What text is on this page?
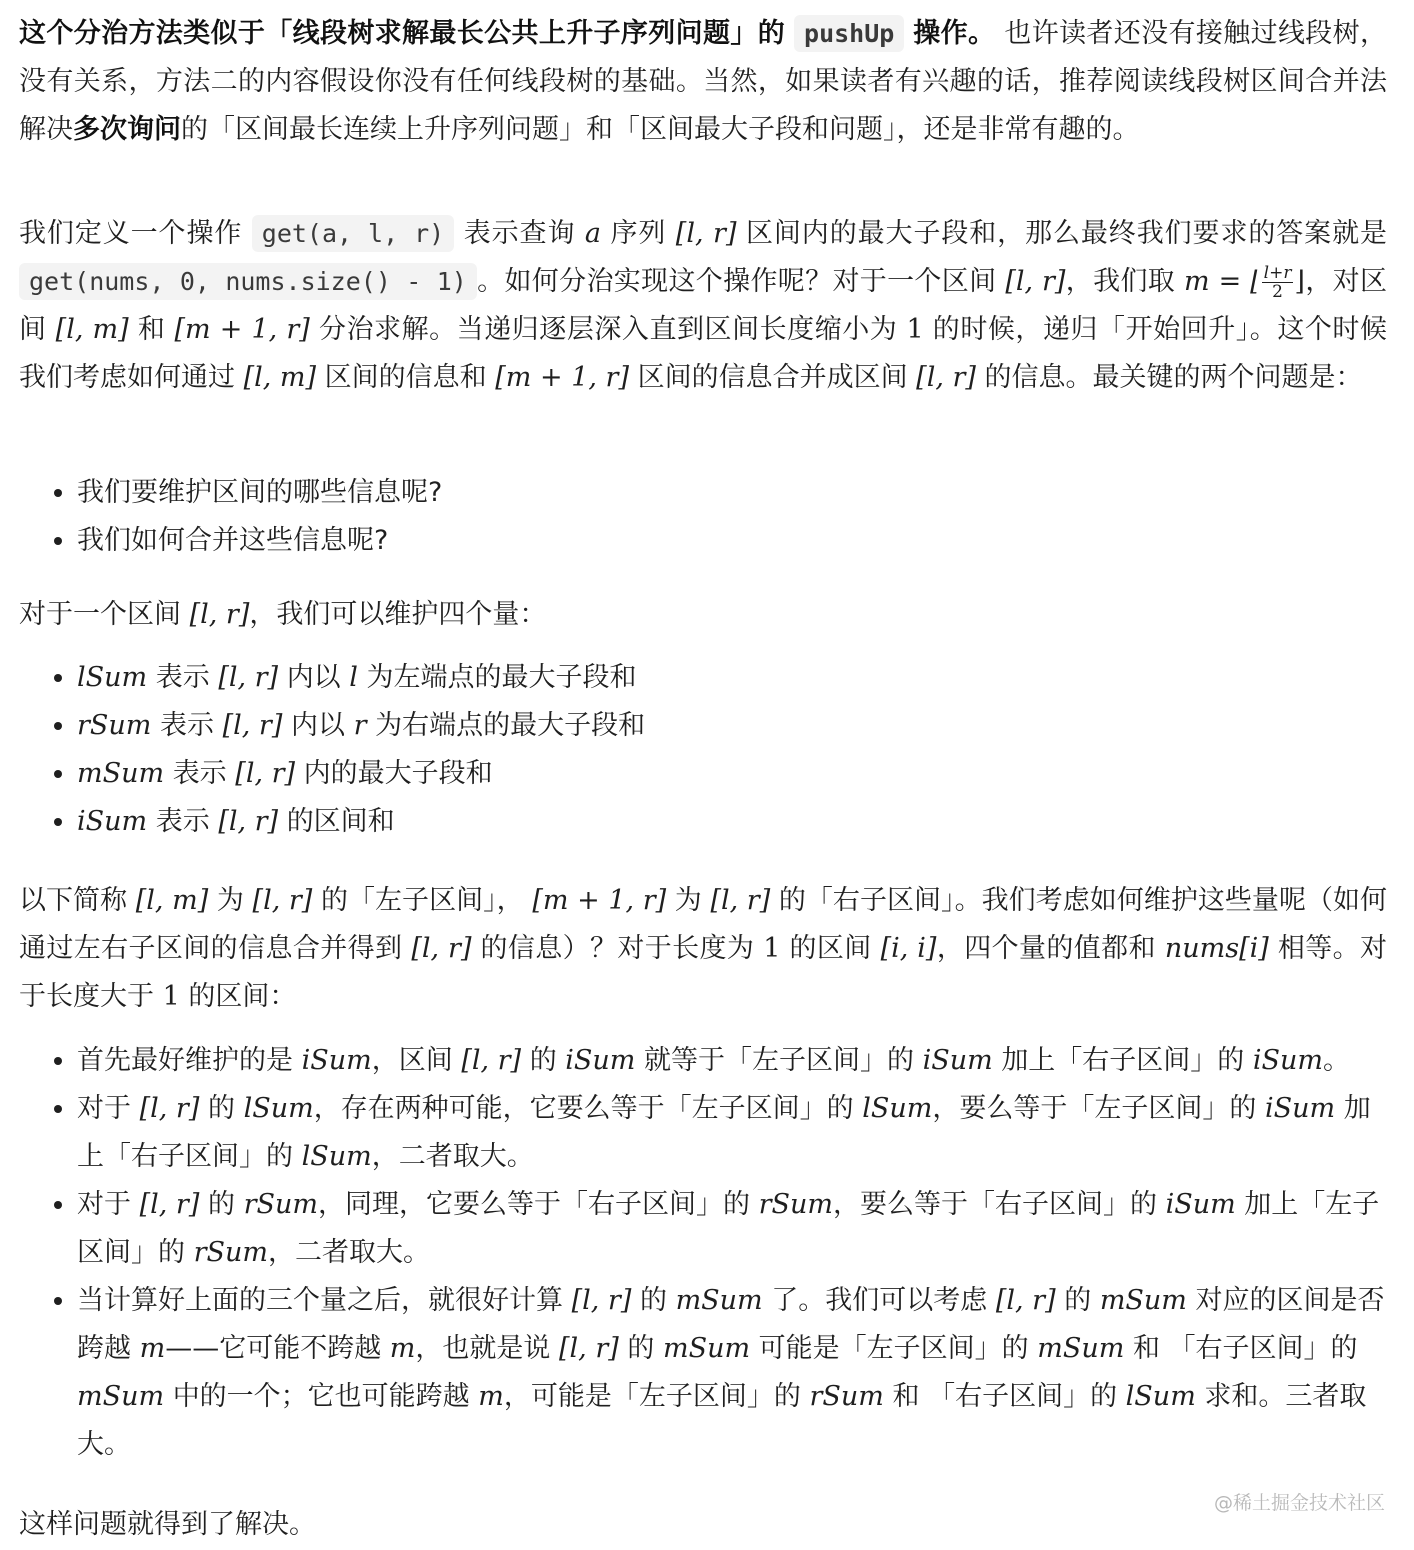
这个分治方法类似于「线段树求解最长公共上升子序列问题」的 pushUp 操作。 也许读者还没有接触过线段树，没有关系，方法二的内容假设你没有任何线段树的基础。当然，如果读者有兴趣的话，推荐阅读线段树区间合并法解决多次询问的「区间最长连续上升序列问题」和「区间最大子段和问题」，还是非常有趣的。

我们定义一个操作 get(a, l, r) 表示查询 a 序列 [l, r] 区间内的最大子段和，那么最终我们要求的答案就是 get(nums, 0, nums.size() - 1) 。如何分治实现这个操作呢？对于一个区间 [l, r]，我们取 m = ⌊ $\frac{l+r}{2}$ ⌋，对区间 [l, m] 和 [m + 1, r] 分治求解。当递归逐层深入直到区间长度缩小为 1 的时候，递归「开始回升」。这个时候我们考虑如何通过 [l, m] 区间的信息和 [m + 1, r] 区间的信息合并成区间 [l, r] 的信息。最关键的两个问题是：

• 我们要维护区间的哪些信息呢?
• 我们如何合并这些信息呢?

对于一个区间 [l, r]，我们可以维护四个量：

• lSum 表示 [l, r] 内以 l 为左端点的最大子段和
• rSum 表示 [l, r] 内以 r 为右端点的最大子段和
• mSum 表示 [l, r] 内的最大子段和
• iSum 表示 [l, r] 的区间和

以下简称 [l, m] 为 [l, r] 的「左子区间」， [m + 1, r] 为 [l, r] 的「右子区间」。我们考虑如何维护这些量呢（如何通过左右子区间的信息合并得到 [l, r] 的信息）？对于长度为 1 的区间 [i, i]，四个量的值都和 nums[i] 相等。对于长度大于 1 的区间：

• 首先最好维护的是 iSum，区间 [l, r] 的 iSum 就等于「左子区间」的 iSum 加上「右子区间」的 iSum。
• 对于 [l, r] 的 lSum，存在两种可能，它要么等于「左子区间」的 lSum，要么等于「左子区间」的 iSum 加上「右子区间」的 lSum，二者取大。
• 对于 [l, r] 的 rSum，同理，它要么等于「右子区间」的 rSum，要么等于「右子区间」的 iSum 加上「左子区间」的 rSum，二者取大。
• 当计算好上面的三个量之后，就很好计算 [l, r] 的 mSum 了。我们可以考虑 [l, r] 的 mSum 对应的区间是否跨越 m——它可能不跨越 m，也就是说 [l, r] 的 mSum 可能是「左子区间」的 mSum 和 「右子区间」的 mSum 中的一个；它也可能跨越 m，可能是「左子区间」的 rSum 和 「右子区间」的 lSum 求和。三者取大。

这样问题就得到了解决。

@稀土掘金技术社区
